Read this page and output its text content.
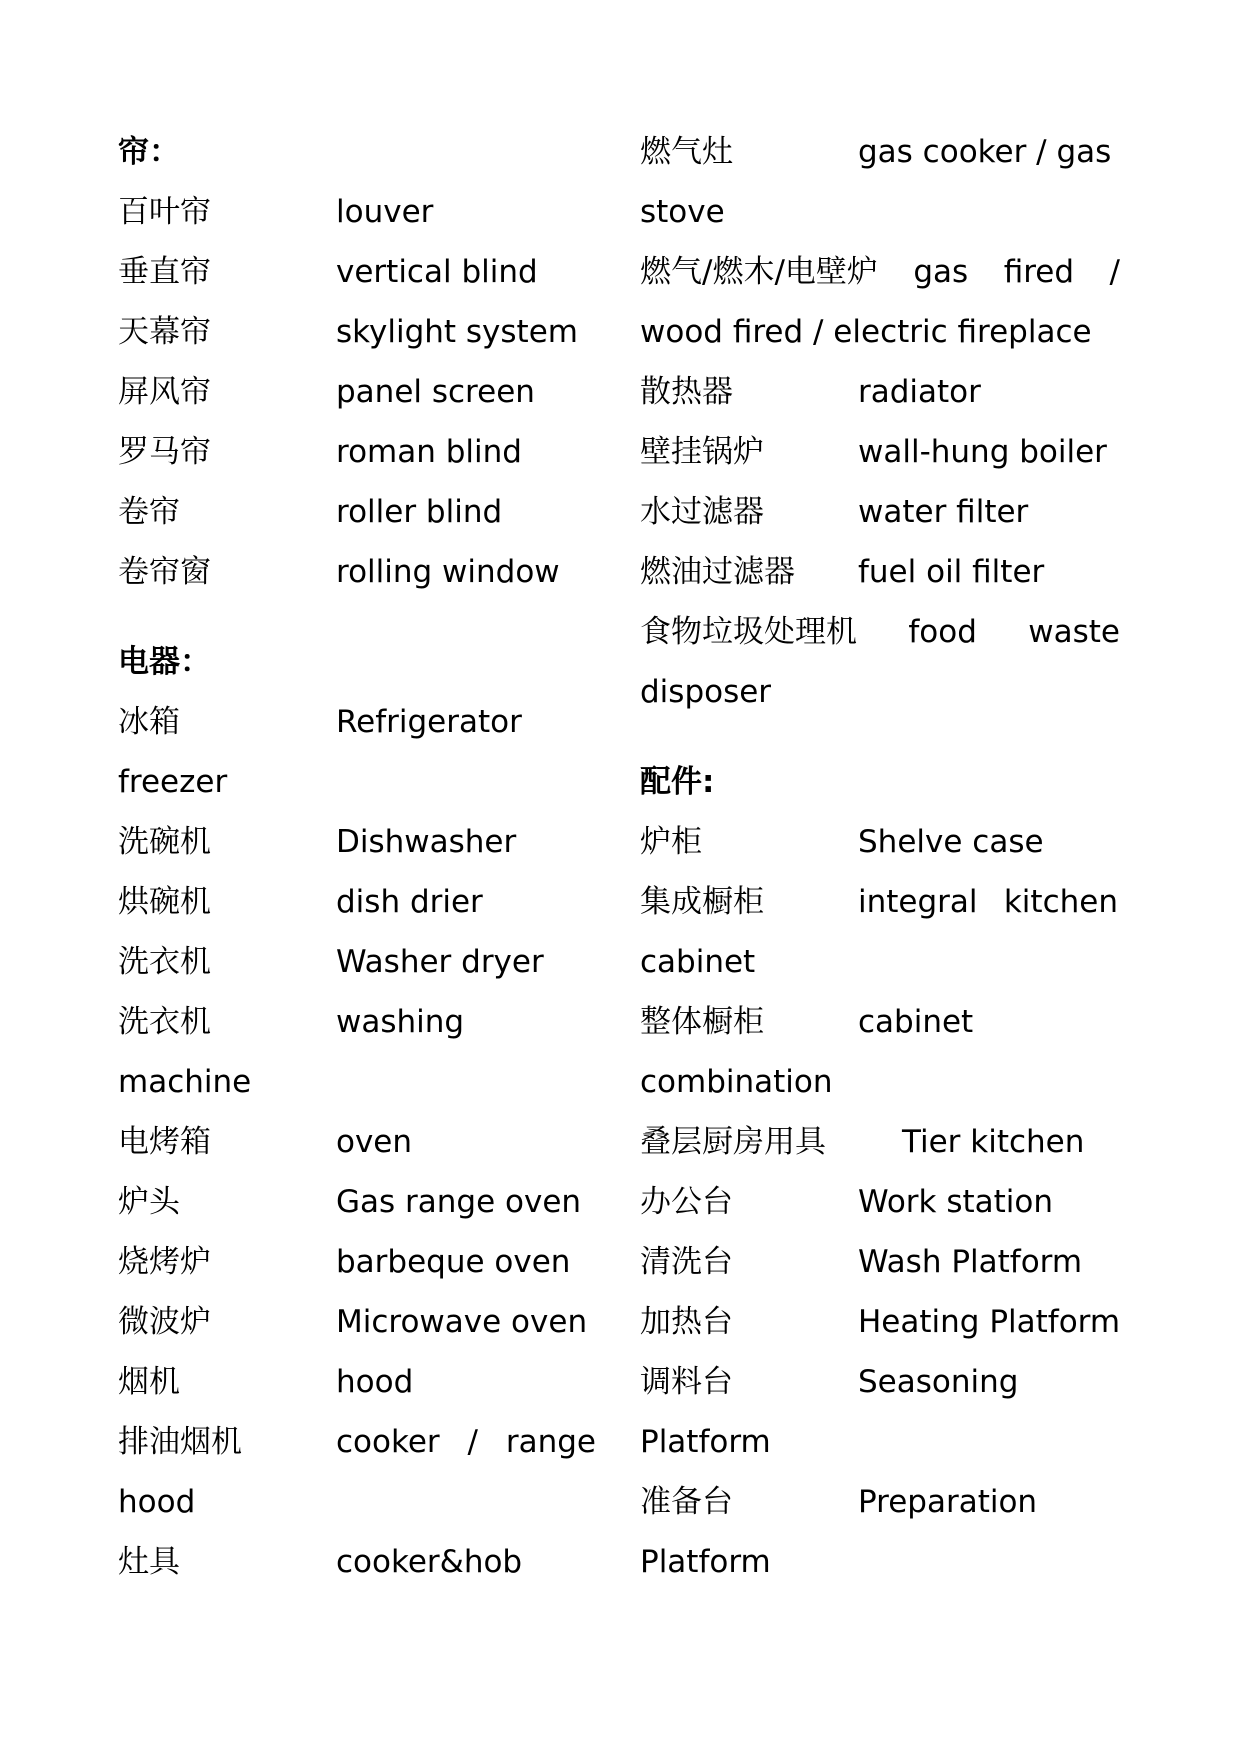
帘：
百叶帘	louver
垂直帘	vertical blind
天幕帘	skylight system
屏风帘	panel screen
罗马帘	roman blind
卷帘	roller blind
卷帘窗	rolling window
电器：
冰箱	Refrigerator
freezer
洗碗机	Dishwasher
烘碗机	dish drier
洗衣机	Washer dryer
洗衣机	washing
machine
电烤箱	oven
炉头	Gas range oven
烧烤炉	barbeque oven
微波炉	Microwave oven
烟机	hood
排油烟机	cooker / range
hood
灶具	cooker&hob
燃气灶	gas cooker / gas
stove
燃气/燃木/电壁炉 gas fired /
wood fired / electric fireplace
散热器	radiator
壁挂锅炉	wall-hung boiler
水过滤器	water filter
燃油过滤器 fuel oil filter
食物垃圾处理机 food waste
disposer
配件:
炉柜	Shelve case
集成橱柜	integral kitchen
cabinet
整体橱柜	cabinet
combination
叠层厨房用具 Tier kitchen
办公台	Work station
清洗台	Wash Platform
加热台	Heating Platform
调料台	Seasoning
Platform
准备台	Preparation
Platform
